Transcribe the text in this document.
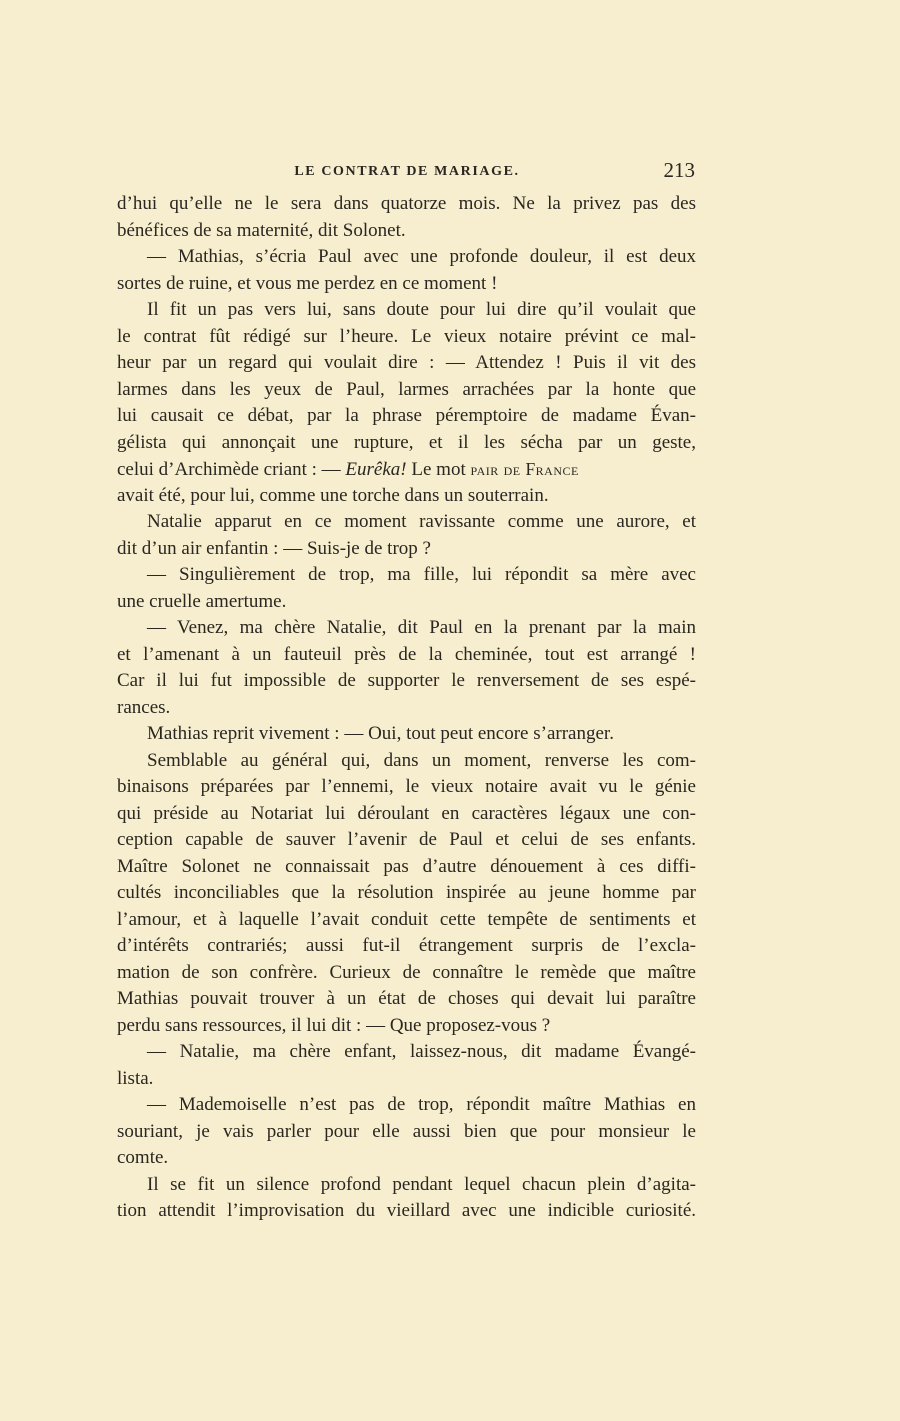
LE CONTRAT DE MARIAGE.	213
d’hui qu’elle ne le sera dans quatorze mois. Ne la privez pas des
bénéfices de sa maternité, dit Solonet.
— Mathias, s’écria Paul avec une profonde douleur, il est deux
sortes de ruine, et vous me perdez en ce moment !
Il fit un pas vers lui, sans doute pour lui dire qu’il voulait que
le contrat fût rédigé sur l’heure. Le vieux notaire prévint ce mal-
heur par un regard qui voulait dire : — Attendez ! Puis il vit des
larmes dans les yeux de Paul, larmes arrachées par la honte que
lui causait ce débat, par la phrase péremptoire de madame Évan-
gélista qui annonçait une rupture, et il les sécha par un geste,
celui d’Archimède criant : — Eurêka! Le mot pair de France
avait été, pour lui, comme une torche dans un souterrain.
Natalie apparut en ce moment ravissante comme une aurore, et
dit d’un air enfantin : — Suis-je de trop ?
— Singulièrement de trop, ma fille, lui répondit sa mère avec
une cruelle amertume.
— Venez, ma chère Natalie, dit Paul en la prenant par la main
et l’amenant à un fauteuil près de la cheminée, tout est arrangé !
Car il lui fut impossible de supporter le renversement de ses espé-
rances.
Mathias reprit vivement : — Oui, tout peut encore s’arranger.
Semblable au général qui, dans un moment, renverse les com-
binaisons préparées par l’ennemi, le vieux notaire avait vu le génie
qui préside au Notariat lui déroulant en caractères légaux une con-
ception capable de sauver l’avenir de Paul et celui de ses enfants.
Maître Solonet ne connaissait pas d’autre dénouement à ces diffi-
cultés inconciliables que la résolution inspirée au jeune homme par
l’amour, et à laquelle l’avait conduit cette tempête de sentiments et
d’intérêts contrariés; aussi fut-il étrangement surpris de l’excla-
mation de son confrère. Curieux de connaître le remède que maître
Mathias pouvait trouver à un état de choses qui devait lui paraître
perdu sans ressources, il lui dit : — Que proposez-vous ?
— Natalie, ma chère enfant, laissez-nous, dit madame Évangé-
lista.
— Mademoiselle n’est pas de trop, répondit maître Mathias en
souriant, je vais parler pour elle aussi bien que pour monsieur le
comte.
Il se fit un silence profond pendant lequel chacun plein d’agita-
tion attendit l’improvisation du vieillard avec une indicible curiosité.
